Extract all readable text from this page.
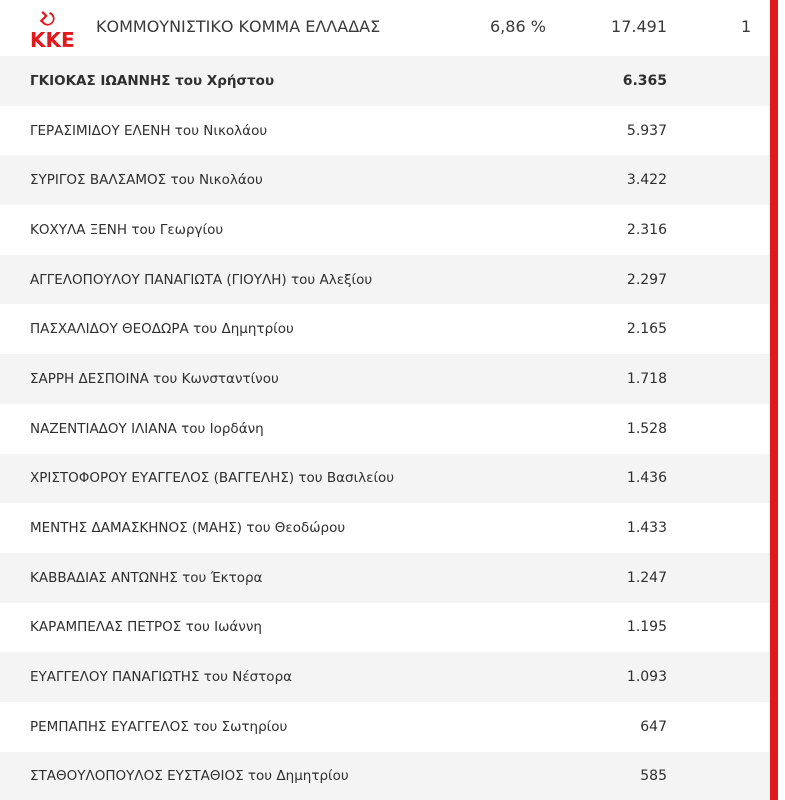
ΚΚΕ
ΚΟΜΜΟΥΝΙΣΤΙΚΟ ΚΟΜΜΑ ΕΛΛΑΔΑΣ	6,86 %	17.491	1
ΓΚΙΟΚΑΣ ΙΩΑΝΝΗΣ του Χρήστου	6.365
ΓΕΡΑΣΙΜΙΔΟΥ ΕΛΕΝΗ του Νικολάου	5.937
ΣΥΡΙΓΟΣ ΒΑΛΣΑΜΟΣ του Νικολάου	3.422
ΚΟΧΥΛΑ ΞΕΝΗ του Γεωργίου	2.316
ΑΓΓΕΛΟΠΟΥΛΟΥ ΠΑΝΑΓΙΩΤΑ (ΓΙΟΥΛΗ) του Αλεξίου	2.297
ΠΑΣΧΑΛΙΔΟΥ ΘΕΟΔΩΡΑ του Δημητρίου	2.165
ΣΑΡΡΗ ΔΕΣΠΟΙΝΑ του Κωνσταντίνου	1.718
ΝΑΖΕΝΤΙΑΔΟΥ ΙΛΙΑΝΑ του Ιορδάνη	1.528
ΧΡΙΣΤΟΦΟΡΟΥ ΕΥΑΓΓΕΛΟΣ (ΒΑΓΓΕΛΗΣ) του Βασιλείου	1.436
ΜΕΝΤΗΣ ΔΑΜΑΣΚΗΝΟΣ (ΜΑΗΣ) του Θεοδώρου	1.433
ΚΑΒΒΑΔΙΑΣ ΑΝΤΩΝΗΣ του Έκτορα	1.247
ΚΑΡΑΜΠΕΛΑΣ ΠΕΤΡΟΣ του Ιωάννη	1.195
ΕΥΑΓΓΕΛΟΥ ΠΑΝΑΓΙΩΤΗΣ του Νέστορα	1.093
ΡΕΜΠΑΠΗΣ ΕΥΑΓΓΕΛΟΣ του Σωτηρίου	647
ΣΤΑΘΟΥΛΟΠΟΥΛΟΣ ΕΥΣΤΑΘΙΟΣ του Δημητρίου	585
